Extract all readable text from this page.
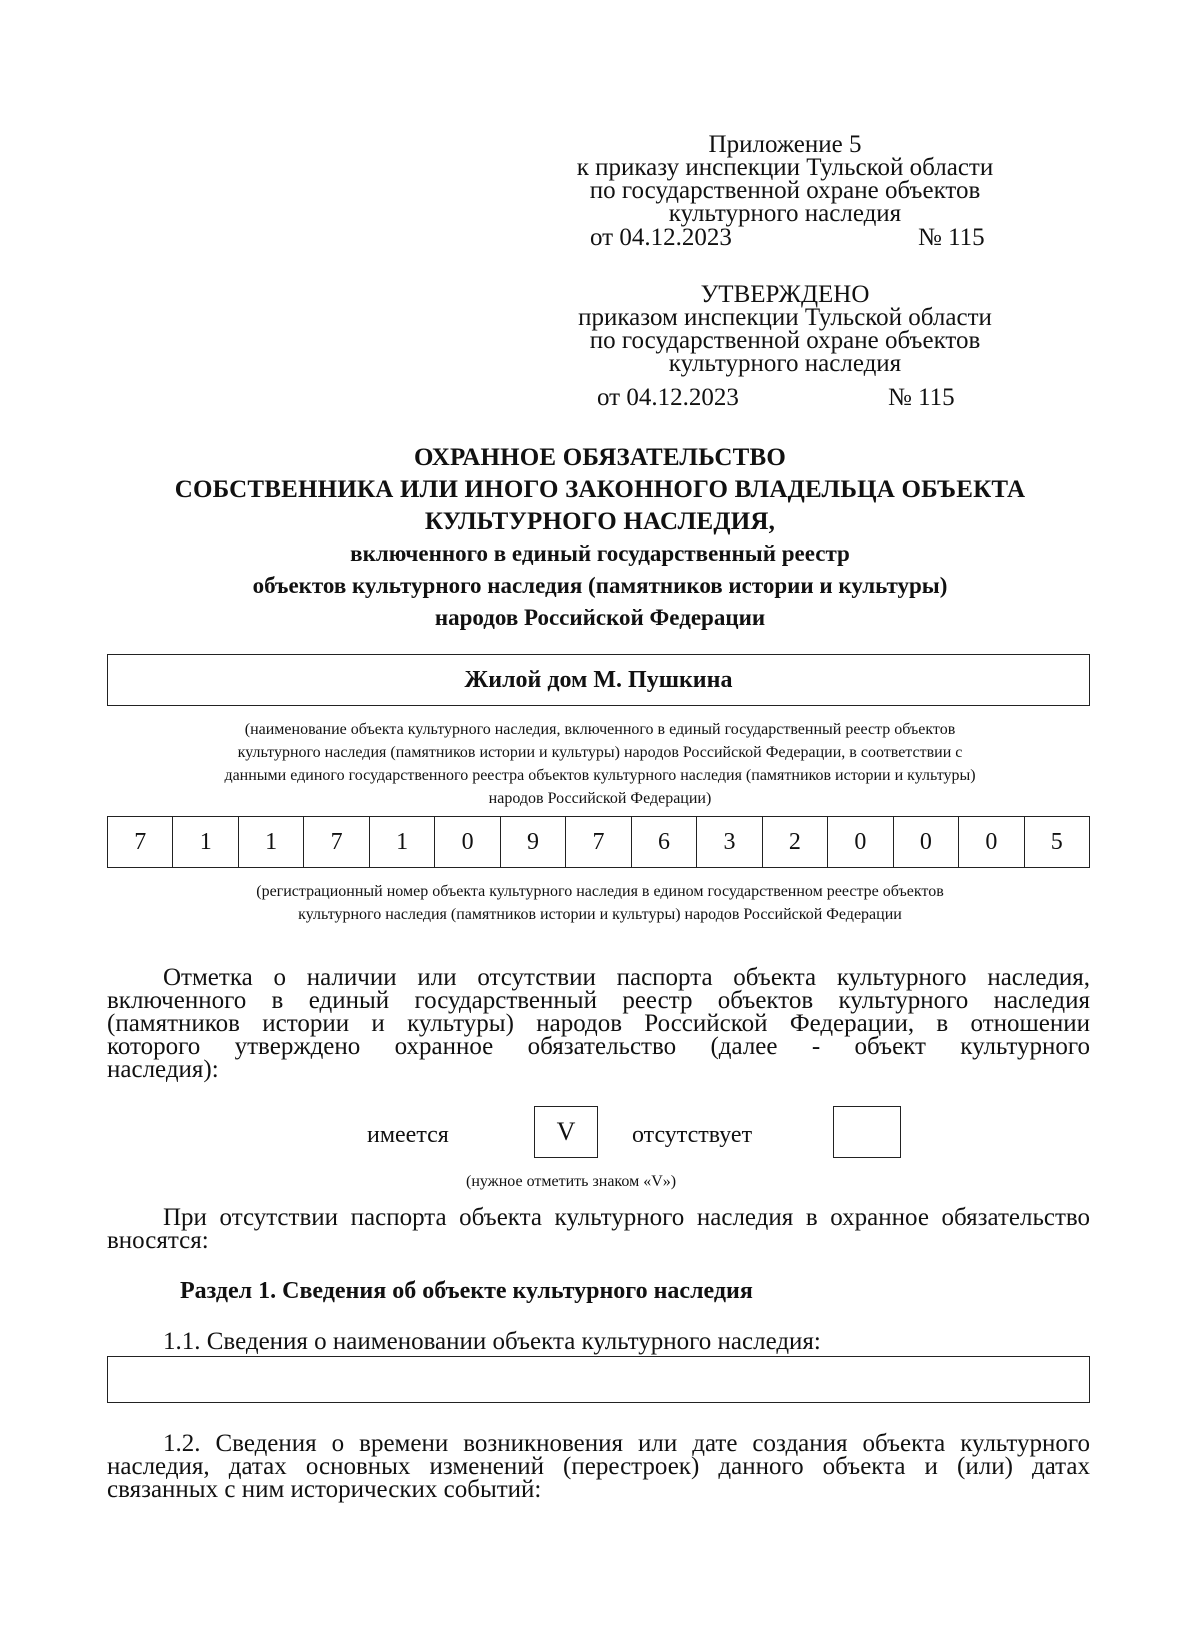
Приложение 5
к приказу инспекции Тульской области
по государственной охране объектов
культурного наследия
от 04.12.2023	№ 115
УТВЕРЖДЕНО
приказом инспекции Тульской области
по государственной охране объектов
культурного наследия
от 04.12.2023	№ 115
ОХРАННОЕ ОБЯЗАТЕЛЬСТВО
СОБСТВЕННИКА ИЛИ ИНОГО ЗАКОННОГО ВЛАДЕЛЬЦА ОБЪЕКТА
КУЛЬТУРНОГО НАСЛЕДИЯ,
включенного в единый государственный реестр
объектов культурного наследия (памятников истории и культуры)
народов Российской Федерации
Жилой дом М. Пушкина
(наименование объекта культурного наследия, включенного в единый государственный реестр объектов
культурного наследия (памятников истории и культуры) народов Российской Федерации, в соответствии с
данными единого государственного реестра объектов культурного наследия (памятников истории и культуры)
народов Российской Федерации)
7	1	1	7	1	0	9	7	6	3	2	0	0	0	5
(регистрационный номер объекта культурного наследия в едином государственном реестре объектов
культурного наследия (памятников истории и культуры) народов Российской Федерации
Отметка о наличии или отсутствии паспорта объекта культурного наследия,
включенного в единый государственный реестр объектов культурного наследия
(памятников истории и культуры) народов Российской Федерации, в отношении
которого утверждено охранное обязательство (далее - объект культурного
наследия):
имеется	V отсутствует
(нужное отметить знаком «V»)
При отсутствии паспорта объекта культурного наследия в охранное обязательство
вносятся:
Раздел 1. Сведения об объекте культурного наследия
1.1. Сведения о наименовании объекта культурного наследия:
1.2. Сведения о времени возникновения или дате создания объекта культурного
наследия, датах основных изменений (перестроек) данного объекта и (или) датах
связанных с ним исторических событий:
